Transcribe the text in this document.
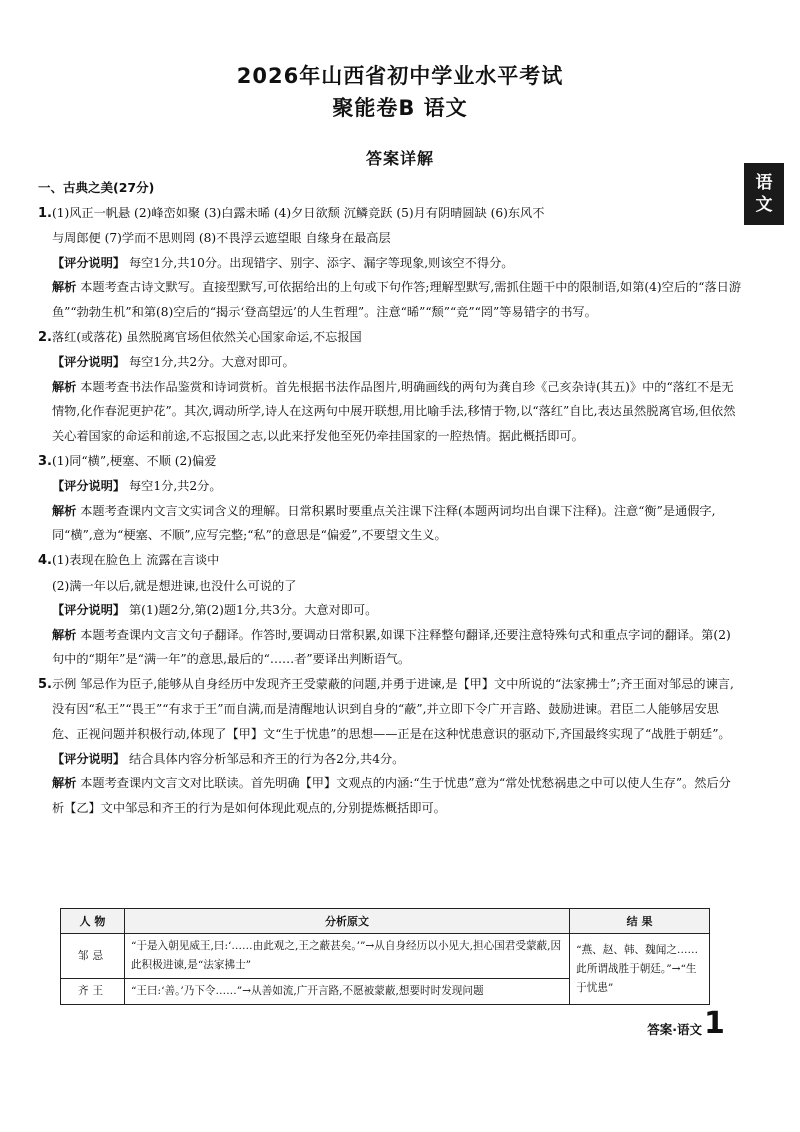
2026年山西省初中学业水平考试
聚能卷B 语文
答案详解
语
文

一、古典之美(27分)

1.(1)风正一帆悬 (2)峰峦如聚 (3)白露未晞 (4)夕日欲颓 沉鳞竞跃 (5)月有阴晴圆缺 (6)东风不

与周郎便 (7)学而不思则罔 (8)不畏浮云遮望眼 自缘身在最高层

【评分说明】 每空1分,共10分。出现错字、别字、添字、漏字等现象,则该空不得分。

解析 本题考查古诗文默写。直接型默写,可依据给出的上句或下句作答;理解型默写,需抓住题干中的限制语,如第(4)空后的“落日游鱼”“勃勃生机”和第(8)空后的“揭示‘登高望远’的人生哲理”。注意“晞”“颓”“竞”“罔”等易错字的书写。

2.落红(或落花) 虽然脱离官场但依然关心国家命运,不忘报国

【评分说明】 每空1分,共2分。大意对即可。

解析 本题考查书法作品鉴赏和诗词赏析。首先根据书法作品图片,明确画线的两句为龚自珍《己亥杂诗(其五)》中的“落红不是无情物,化作春泥更护花”。其次,调动所学,诗人在这两句中展开联想,用比喻手法,移情于物,以“落红”自比,表达虽然脱离官场,但依然关心着国家的命运和前途,不忘报国之志,以此来抒发他至死仍牵挂国家的一腔热情。据此概括即可。

3.(1)同“横”,梗塞、不顺 (2)偏爱

【评分说明】 每空1分,共2分。

解析 本题考查课内文言文实词含义的理解。日常积累时要重点关注课下注释(本题两词均出自课下注释)。注意“衡”是通假字,同“横”,意为“梗塞、不顺”,应写完整;“私”的意思是“偏爱”,不要望文生义。

4.(1)表现在脸色上 流露在言谈中

(2)满一年以后,就是想进谏,也没什么可说的了

【评分说明】 第(1)题2分,第(2)题1分,共3分。大意对即可。

解析 本题考查课内文言文句子翻译。作答时,要调动日常积累,如课下注释整句翻译,还要注意特殊句式和重点字词的翻译。第(2)句中的“期年”是“满一年”的意思,最后的“……者”要译出判断语气。

5.示例 邹忌作为臣子,能够从自身经历中发现齐王受蒙蔽的问题,并勇于进谏,是【甲】文中所说的“法家拂士”;齐王面对邹忌的谏言,没有因“私王”“畏王”“有求于王”而自满,而是清醒地认识到自身的“蔽”,并立即下令广开言路、鼓励进谏。君臣二人能够居安思危、正视问题并积极行动,体现了【甲】文“生于忧患”的思想——正是在这种忧患意识的驱动下,齐国最终实现了“战胜于朝廷”。

【评分说明】 结合具体内容分析邹忌和齐王的行为各2分,共4分。

解析 本题考查课内文言文对比联读。首先明确【甲】文观点的内涵:“生于忧患”意为“常处忧愁祸患之中可以使人生存”。然后分析【乙】文中邹忌和齐王的行为是如何体现此观点的,分别提炼概括即可。

人 物	分析原文	结 果
邹忌	“于是入朝见威王,曰:‘……由此观之,王之蔽甚矣。’”→从自身经历以小见大,担心国君受蒙蔽,因此积极进谏,是“法家拂士”	“燕、赵、韩、魏闻之……此所谓战胜于朝廷。”→“生于忧患”
齐王	“王曰:‘善。’乃下令……”→从善如流,广开言路,不愿被蒙蔽,想要时时发现问题	
答案·语文 1
